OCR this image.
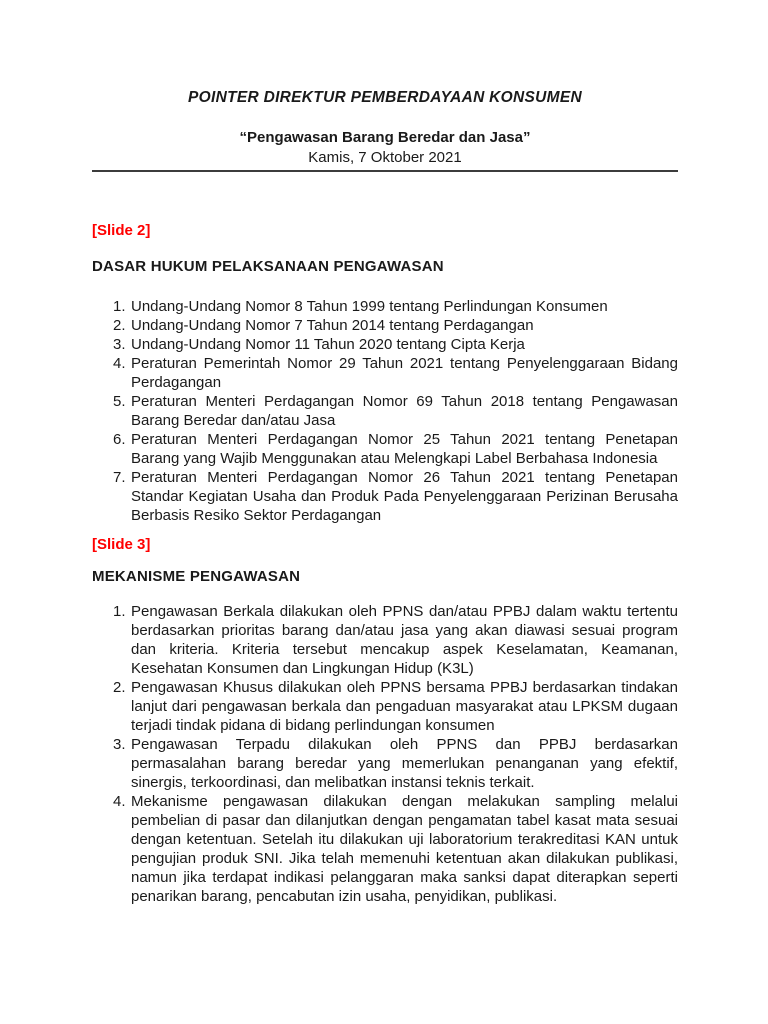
POINTER DIREKTUR PEMBERDAYAAN KONSUMEN
“Pengawasan Barang Beredar dan Jasa”
Kamis, 7 Oktober 2021
[Slide 2]
DASAR HUKUM PELAKSANAAN PENGAWASAN
Undang-Undang Nomor 8 Tahun 1999 tentang Perlindungan Konsumen
Undang-Undang Nomor 7 Tahun 2014 tentang Perdagangan
Undang-Undang Nomor 11 Tahun 2020 tentang Cipta Kerja
Peraturan Pemerintah Nomor 29 Tahun 2021 tentang Penyelenggaraan Bidang Perdagangan
Peraturan Menteri Perdagangan Nomor 69 Tahun 2018 tentang Pengawasan Barang Beredar dan/atau Jasa
Peraturan Menteri Perdagangan Nomor 25 Tahun 2021 tentang Penetapan Barang yang Wajib Menggunakan atau Melengkapi Label Berbahasa Indonesia
Peraturan Menteri Perdagangan Nomor 26 Tahun 2021 tentang Penetapan Standar Kegiatan Usaha dan Produk Pada Penyelenggaraan Perizinan Berusaha Berbasis Resiko Sektor Perdagangan
[Slide 3]
MEKANISME PENGAWASAN
Pengawasan Berkala dilakukan oleh PPNS dan/atau PPBJ dalam waktu tertentu berdasarkan prioritas barang dan/atau jasa yang akan diawasi sesuai program dan kriteria. Kriteria tersebut mencakup aspek Keselamatan, Keamanan, Kesehatan Konsumen dan Lingkungan Hidup (K3L)
Pengawasan Khusus dilakukan oleh PPNS bersama PPBJ berdasarkan tindakan lanjut dari pengawasan berkala dan pengaduan masyarakat atau LPKSM dugaan terjadi tindak pidana di bidang perlindungan konsumen
Pengawasan Terpadu dilakukan oleh PPNS dan PPBJ berdasarkan permasalahan barang beredar yang memerlukan penanganan yang efektif, sinergis, terkoordinasi, dan melibatkan instansi teknis terkait.
Mekanisme pengawasan dilakukan dengan melakukan sampling melalui pembelian di pasar dan dilanjutkan dengan pengamatan tabel kasat mata sesuai dengan ketentuan. Setelah itu dilakukan uji laboratorium terakreditasi KAN untuk pengujian produk SNI. Jika telah memenuhi ketentuan akan dilakukan publikasi, namun jika terdapat indikasi pelanggaran maka sanksi dapat diterapkan seperti penarikan barang, pencabutan izin usaha, penyidikan, publikasi.
